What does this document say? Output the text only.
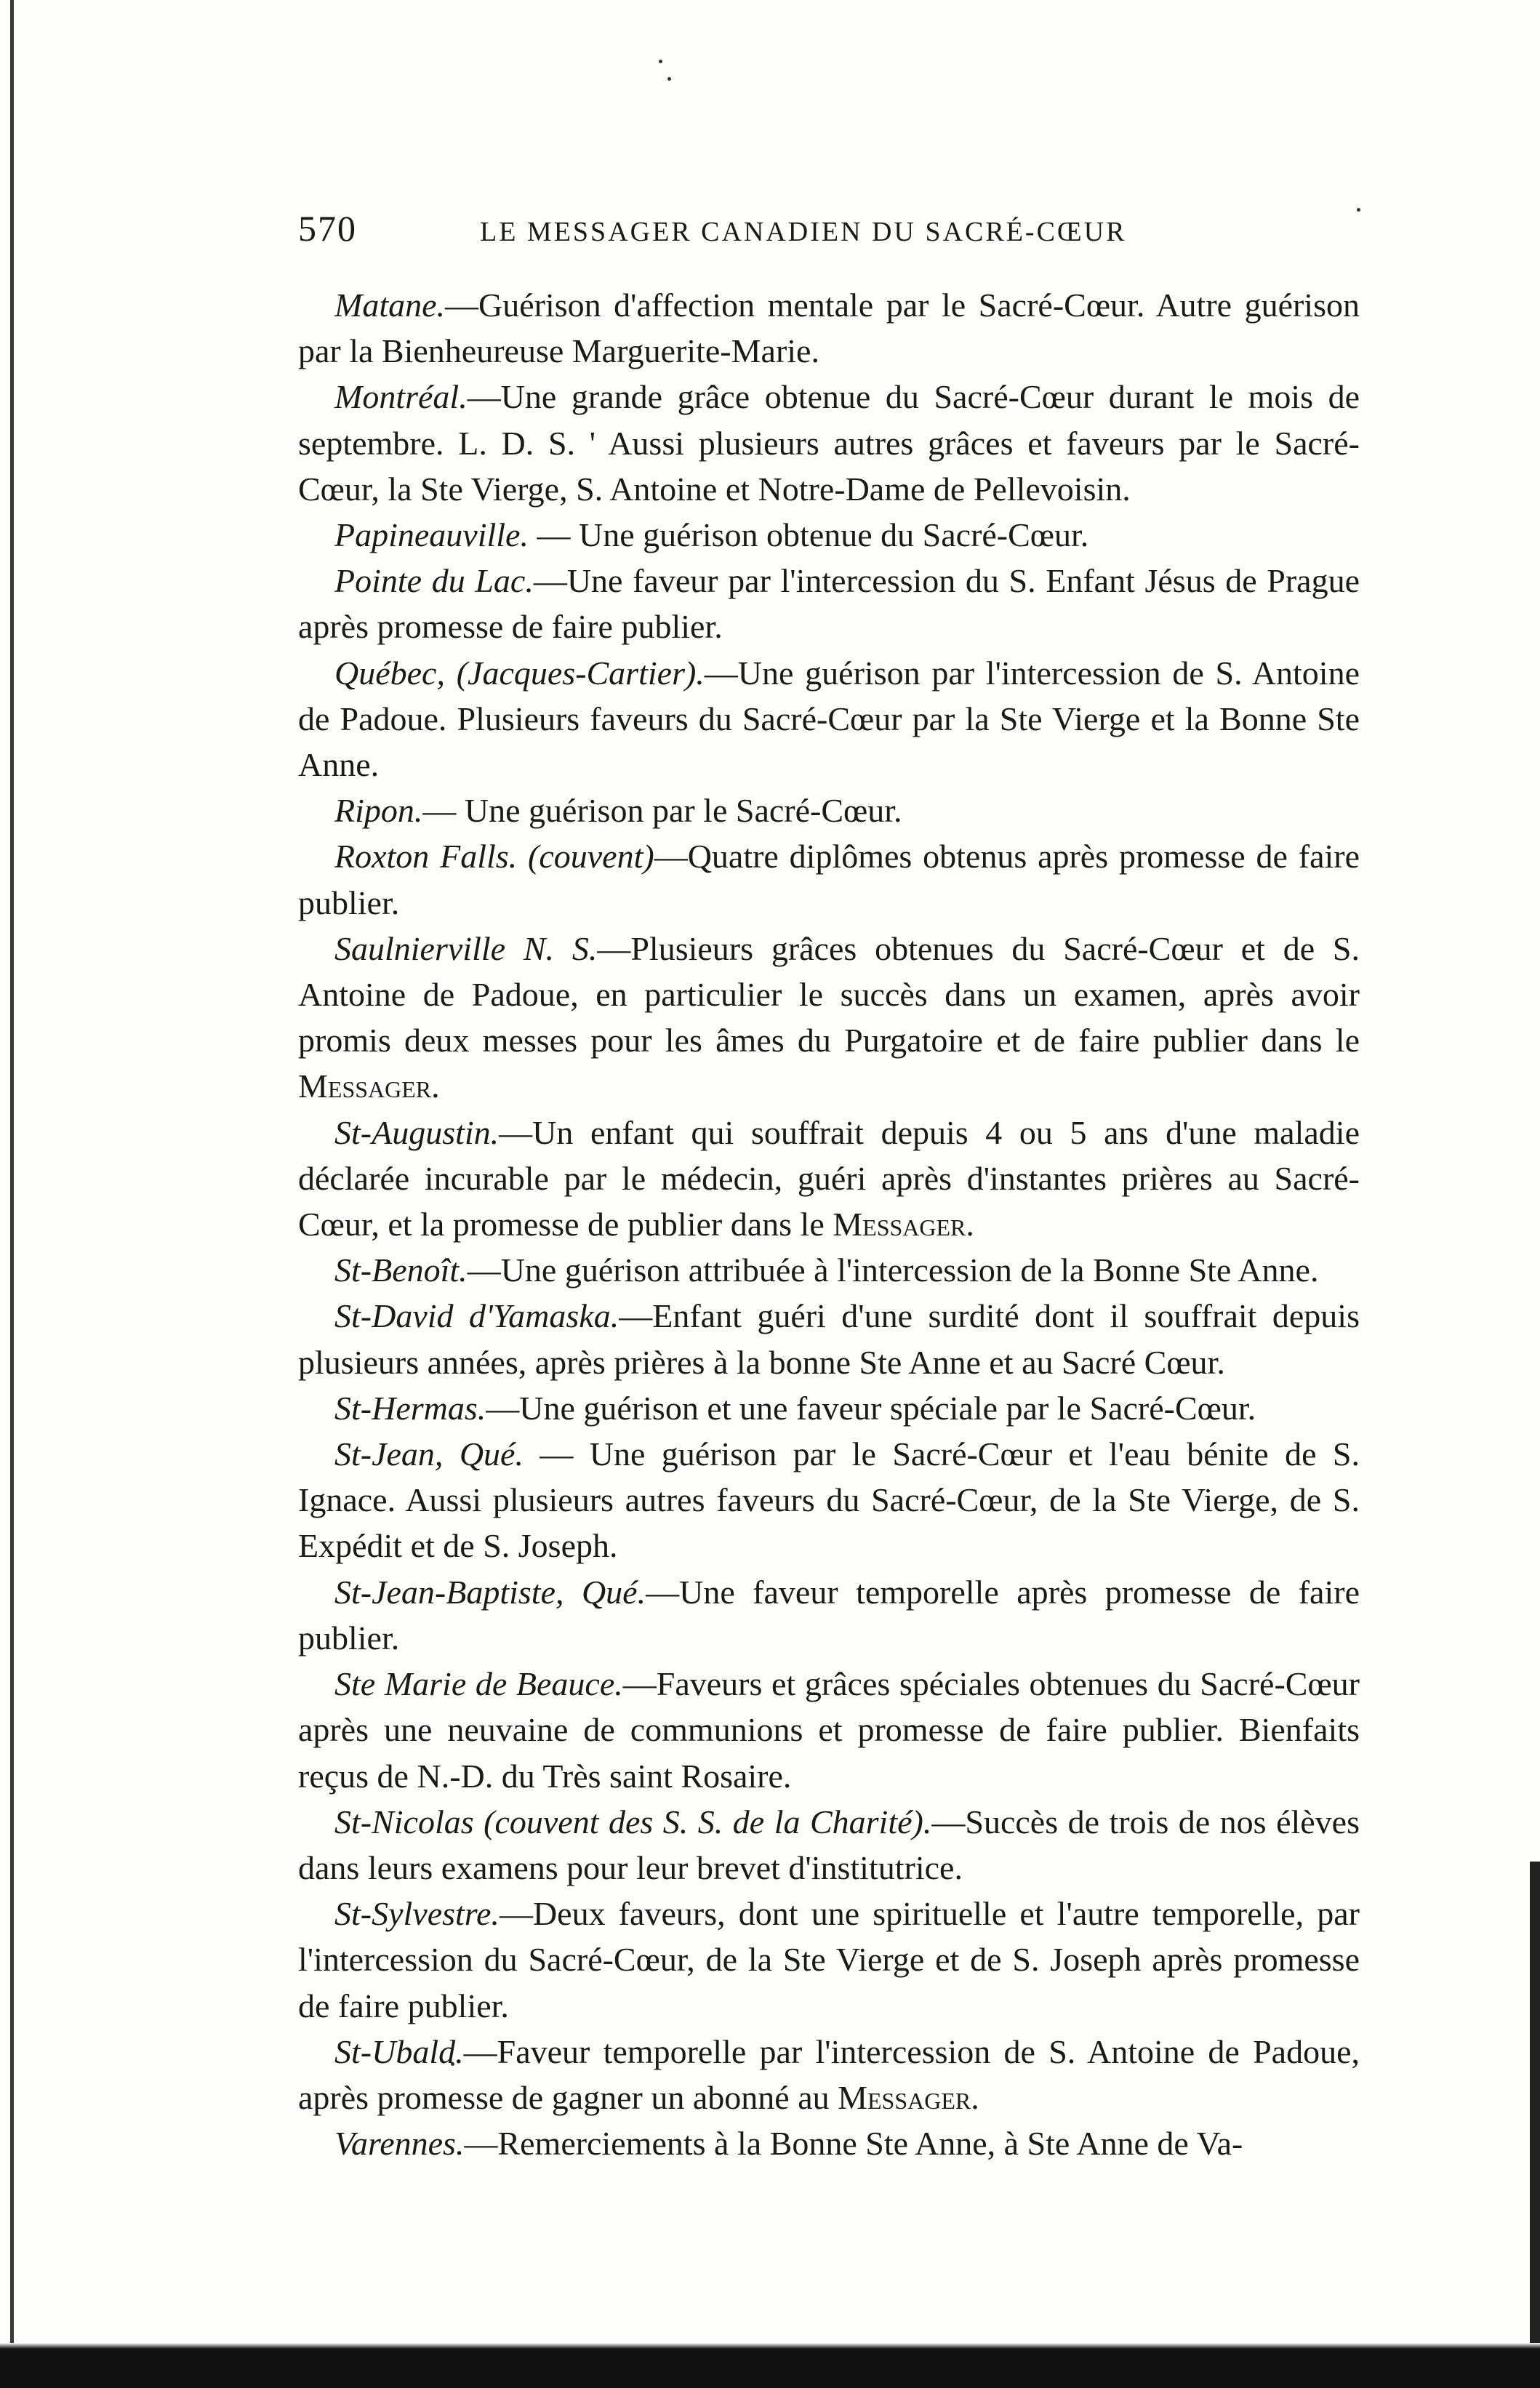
570	LE MESSAGER CANADIEN DU SACRÉ-CŒUR

Matane.—Guérison d'affection mentale par le Sacré-Cœur. Autre guérison par la Bienheureuse Marguerite-Marie.

Montréal.—Une grande grâce obtenue du Sacré-Cœur durant le mois de septembre. L. D. S. ' Aussi plusieurs autres grâces et faveurs par le Sacré-Cœur, la Ste Vierge, S. Antoine et Notre-Dame de Pellevoisin.

Papineauville. — Une guérison obtenue du Sacré-Cœur.

Pointe du Lac.—Une faveur par l'intercession du S. Enfant Jésus de Prague après promesse de faire publier.

Québec, (Jacques-Cartier).—Une guérison par l'intercession de S. Antoine de Padoue. Plusieurs faveurs du Sacré-Cœur par la Ste Vierge et la Bonne Ste Anne.

Ripon.— Une guérison par le Sacré-Cœur.

Roxton Falls. (couvent)—Quatre diplômes obtenus après promesse de faire publier.

Saulnierville N. S.—Plusieurs grâces obtenues du Sacré-Cœur et de S. Antoine de Padoue, en particulier le succès dans un examen, après avoir promis deux messes pour les âmes du Purgatoire et de faire publier dans le Messager.

St-Augustin.—Un enfant qui souffrait depuis 4 ou 5 ans d'une maladie déclarée incurable par le médecin, guéri après d'instantes prières au Sacré-Cœur, et la promesse de publier dans le Messager.

St-Benoît.—Une guérison attribuée à l'intercession de la Bonne Ste Anne.

St-David d'Yamaska.—Enfant guéri d'une surdité dont il souffrait depuis plusieurs années, après prières à la bonne Ste Anne et au Sacré Cœur.

St-Hermas.—Une guérison et une faveur spéciale par le Sacré-Cœur.

St-Jean, Qué. — Une guérison par le Sacré-Cœur et l'eau bénite de S. Ignace. Aussi plusieurs autres faveurs du Sacré-Cœur, de la Ste Vierge, de S. Expédit et de S. Joseph.

St-Jean-Baptiste, Qué.—Une faveur temporelle après promesse de faire publier.

Ste Marie de Beauce.—Faveurs et grâces spéciales obtenues du Sacré-Cœur après une neuvaine de communions et promesse de faire publier. Bienfaits reçus de N.-D. du Très saint Rosaire.

St-Nicolas (couvent des S. S. de la Charité).—Succès de trois de nos élèves dans leurs examens pour leur brevet d'institutrice.

St-Sylvestre.—Deux faveurs, dont une spirituelle et l'autre temporelle, par l'intercession du Sacré-Cœur, de la Ste Vierge et de S. Joseph après promesse de faire publier.

St-Ubald.—Faveur temporelle par l'intercession de S. Antoine de Padoue, après promesse de gagner un abonné au Messager.

Varennes.—Remerciements à la Bonne Ste Anne, à Ste Anne de Va-
